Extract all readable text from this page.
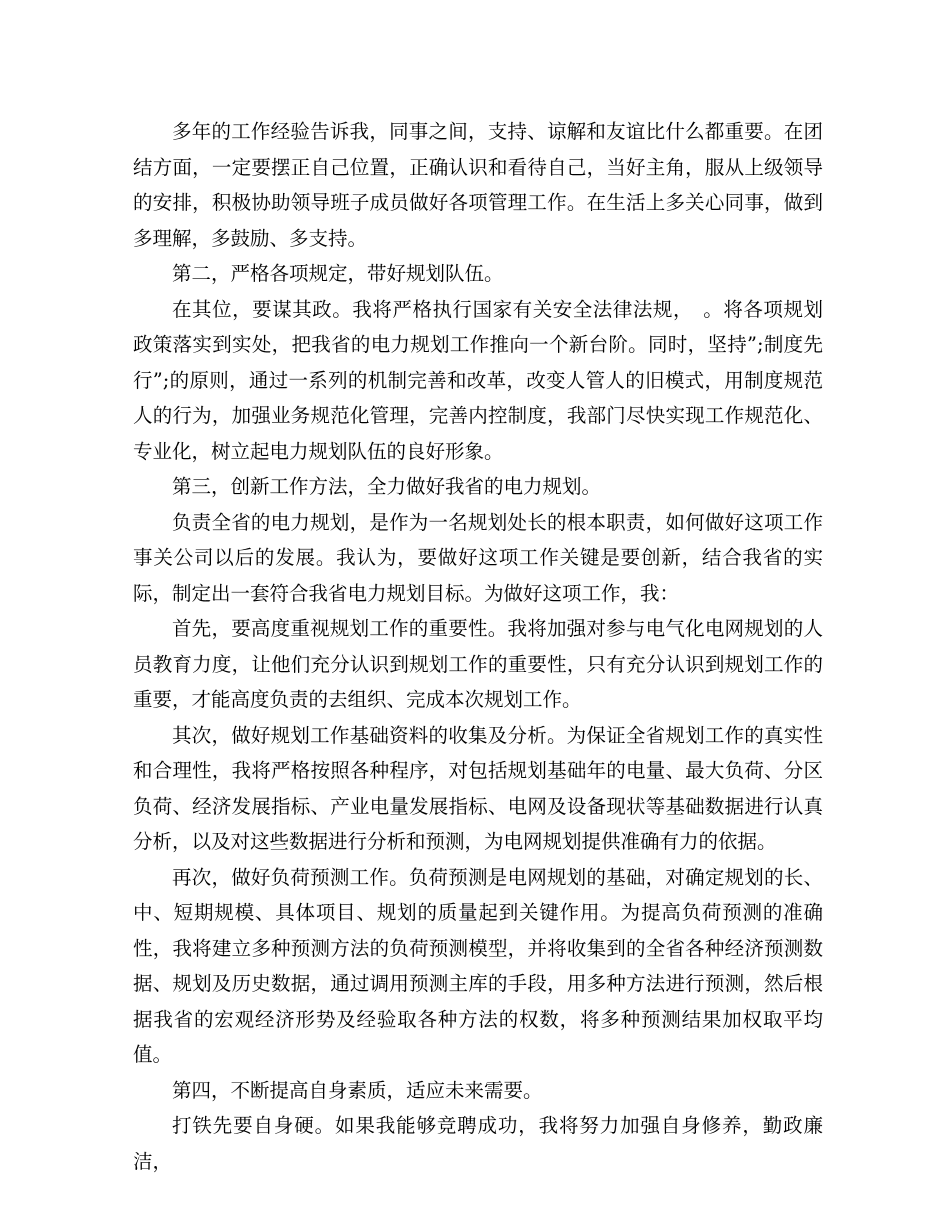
多年的工作经验告诉我，同事之间，支持、谅解和友谊比什么都重要。在团结方面，一定要摆正自己位置，正确认识和看待自己，当好主角，服从上级领导的安排，积极协助领导班子成员做好各项管理工作。在生活上多关心同事，做到多理解，多鼓励、多支持。

第二，严格各项规定，带好规划队伍。

在其位，要谋其政。我将严格执行国家有关安全法律法规，　。将各项规划政策落实到实处，把我省的电力规划工作推向一个新台阶。同时，坚持”;制度先行”;的原则，通过一系列的机制完善和改革，改变人管人的旧模式，用制度规范人的行为，加强业务规范化管理，完善内控制度，我部门尽快实现工作规范化、专业化，树立起电力规划队伍的良好形象。

第三，创新工作方法，全力做好我省的电力规划。

负责全省的电力规划，是作为一名规划处长的根本职责，如何做好这项工作事关公司以后的发展。我认为，要做好这项工作关键是要创新，结合我省的实际，制定出一套符合我省电力规划目标。为做好这项工作，我：

首先，要高度重视规划工作的重要性。我将加强对参与电气化电网规划的人员教育力度，让他们充分认识到规划工作的重要性，只有充分认识到规划工作的重要，才能高度负责的去组织、完成本次规划工作。

其次，做好规划工作基础资料的收集及分析。为保证全省规划工作的真实性和合理性，我将严格按照各种程序，对包括规划基础年的电量、最大负荷、分区负荷、经济发展指标、产业电量发展指标、电网及设备现状等基础数据进行认真分析，以及对这些数据进行分析和预测，为电网规划提供准确有力的依据。

再次，做好负荷预测工作。负荷预测是电网规划的基础，对确定规划的长、中、短期规模、具体项目、规划的质量起到关键作用。为提高负荷预测的准确性，我将建立多种预测方法的负荷预测模型，并将收集到的全省各种经济预测数据、规划及历史数据，通过调用预测主库的手段，用多种方法进行预测，然后根据我省的宏观经济形势及经验取各种方法的权数，将多种预测结果加权取平均值。

第四，不断提高自身素质，适应未来需要。

打铁先要自身硬。如果我能够竞聘成功，我将努力加强自身修养，勤政廉洁，
